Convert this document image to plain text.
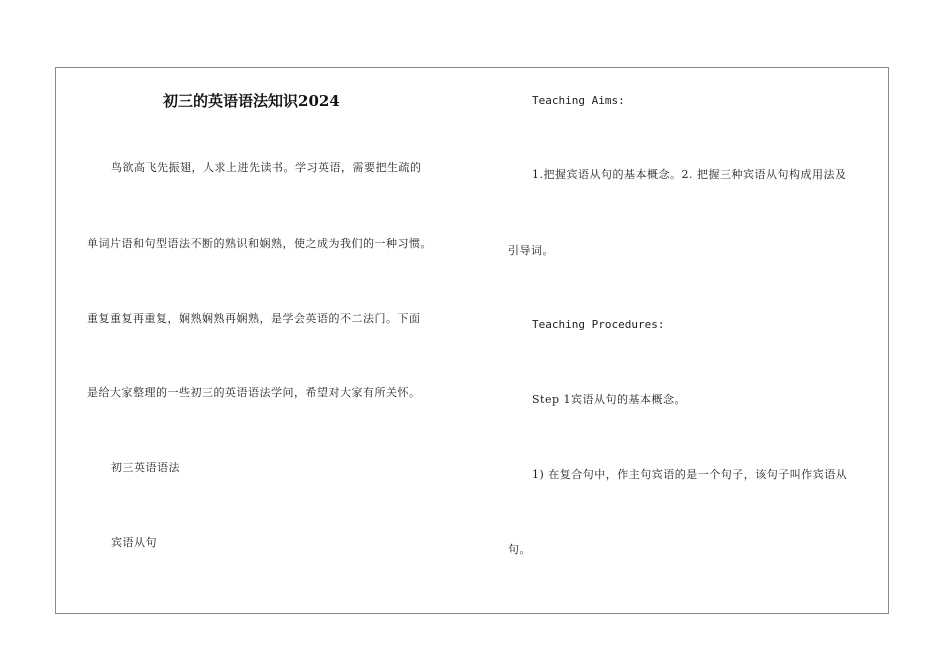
初三的英语语法知识2024
鸟欲高飞先振翅，人求上进先读书。学习英语，需要把生疏的
单词片语和句型语法不断的熟识和娴熟，使之成为我们的一种习惯。
重复重复再重复，娴熟娴熟再娴熟，是学会英语的不二法门。下面
是给大家整理的一些初三的英语语法学问，希望对大家有所关怀。
初三英语语法
宾语从句
Teaching Aims:
1.把握宾语从句的基本概念。2. 把握三种宾语从句构成用法及
引导词。
Teaching Procedures:
Step 1宾语从句的基本概念。
1) 在复合句中，作主句宾语的是一个句子，该句子叫作宾语从
句。
